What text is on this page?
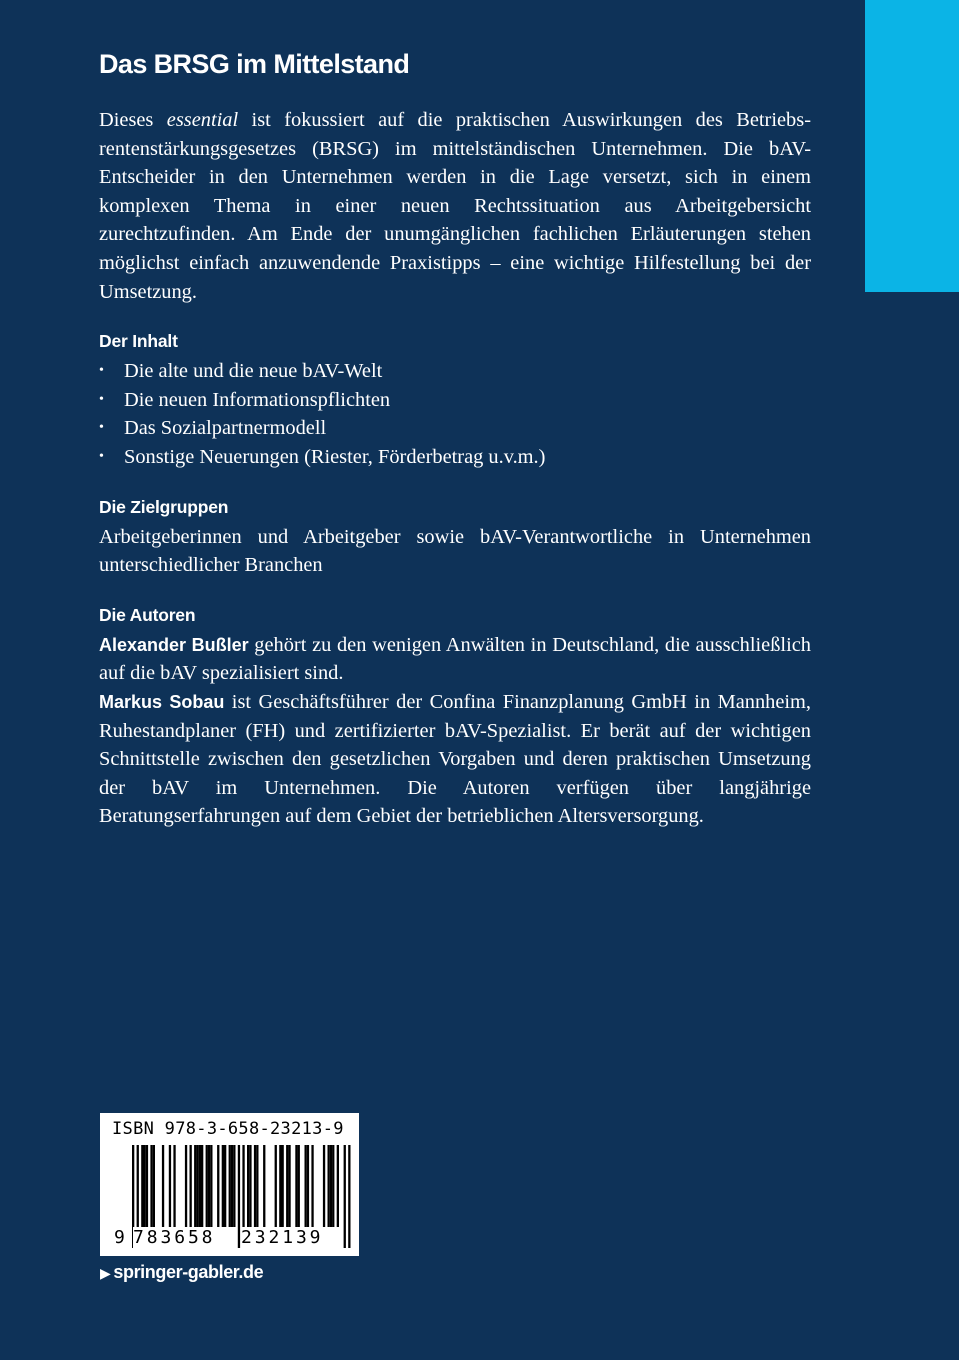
Das BRSG im Mittelstand

Dieses essential ist fokussiert auf die praktischen Auswirkungen des Betriebsrentenstärkungsgesetzes (BRSG) im mittelständischen Unternehmen. Die bAV-Entscheider in den Unternehmen werden in die Lage versetzt, sich in einem komplexen Thema in einer neuen Rechtssituation aus Arbeitgebersicht zurechtzufinden. Am Ende der unumgänglichen fachlichen Erläuterungen stehen möglichst einfach anzuwendende Praxistipps – eine wichtige Hilfestellung bei der Umsetzung.

Der Inhalt
• Die alte und die neue bAV-Welt
• Die neuen Informationspflichten
• Das Sozialpartnermodell
• Sonstige Neuerungen (Riester, Förderbetrag u.v.m.)
Die Zielgruppen

Arbeitgeberinnen und Arbeitgeber sowie bAV-Verantwortliche in Unternehmen unterschiedlicher Branchen

Die Autoren

Alexander Bußler gehört zu den wenigen Anwälten in Deutschland, die ausschließlich auf die bAV spezialisiert sind.

Markus Sobau ist Geschäftsführer der Confina Finanzplanung GmbH in Mannheim, Ruhestandplaner (FH) und zertifizierter bAV-Spezialist. Er berät auf der wichtigen Schnittstelle zwischen den gesetzlichen Vorgaben und deren praktischen Umsetzung der bAV im Unternehmen. Die Autoren verfügen über langjährige Beratungserfahrungen auf dem Gebiet der betrieblichen Altersversorgung.

ISBN 978-3-658-23213-9
9 783658 232139
▶ springer-gabler.de
